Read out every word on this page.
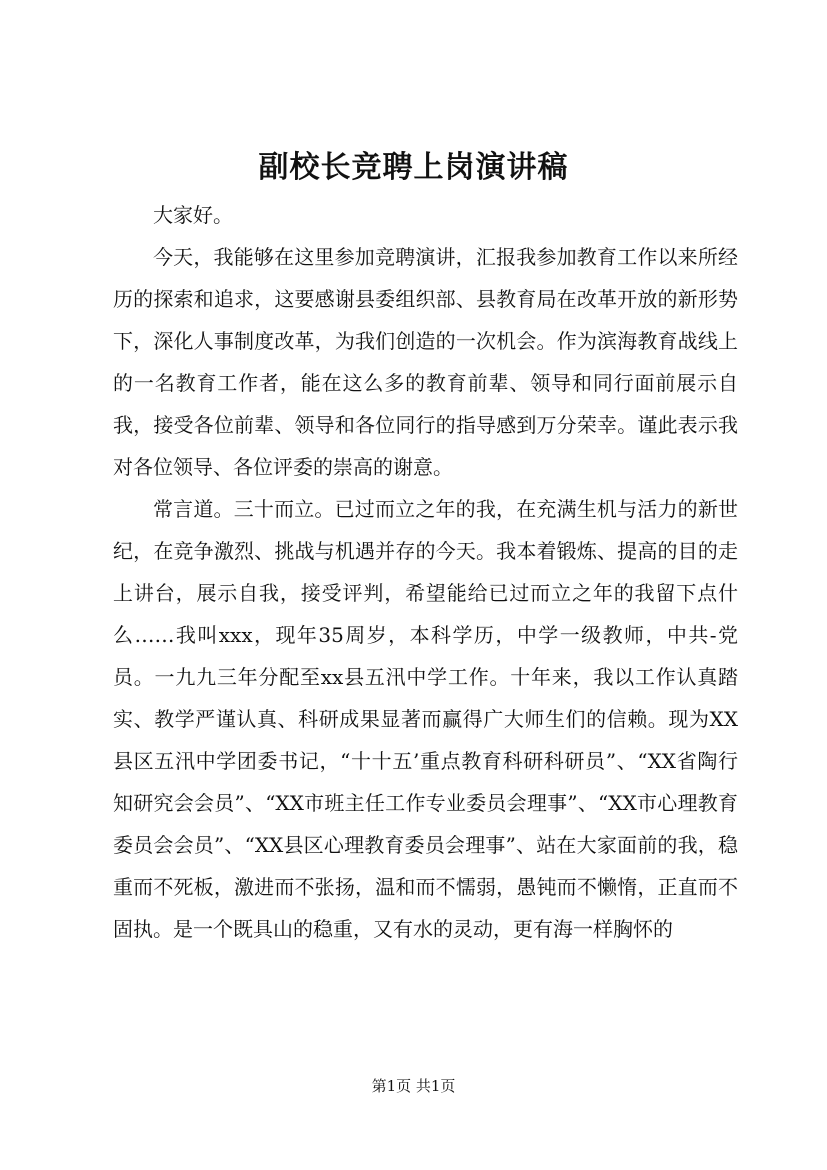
副校长竞聘上岗演讲稿

大家好。

今天，我能够在这里参加竞聘演讲，汇报我参加教育工作以来所经历的探索和追求，这要感谢县委组织部、县教育局在改革开放的新形势下，深化人事制度改革，为我们创造的一次机会。作为滨海教育战线上的一名教育工作者，能在这么多的教育前辈、领导和同行面前展示自我，接受各位前辈、领导和各位同行的指导感到万分荣幸。谨此表示我对各位领导、各位评委的崇高的谢意。

常言道。三十而立。已过而立之年的我，在充满生机与活力的新世纪，在竞争激烈、挑战与机遇并存的今天。我本着锻炼、提高的目的走上讲台，展示自我，接受评判，希望能给已过而立之年的我留下点什么……我叫xxx，现年35周岁，本科学历，中学一级教师，中共-党员。一九九三年分配至xx县五汛中学工作。十年来，我以工作认真踏实、教学严谨认真、科研成果显著而赢得广大师生们的信赖。现为XX县区五汛中学团委书记，“十十五’重点教育科研科研员”、“XX省陶行知研究会会员”、“XX市班主任工作专业委员会理事”、“XX市心理教育委员会会员”、“XX县区心理教育委员会理事”、站在大家面前的我，稳重而不死板，激进而不张扬，温和而不懦弱，愚钝而不懒惰，正直而不固执。是一个既具山的稳重，又有水的灵动，更有海一样胸怀的

第1页 共1页
